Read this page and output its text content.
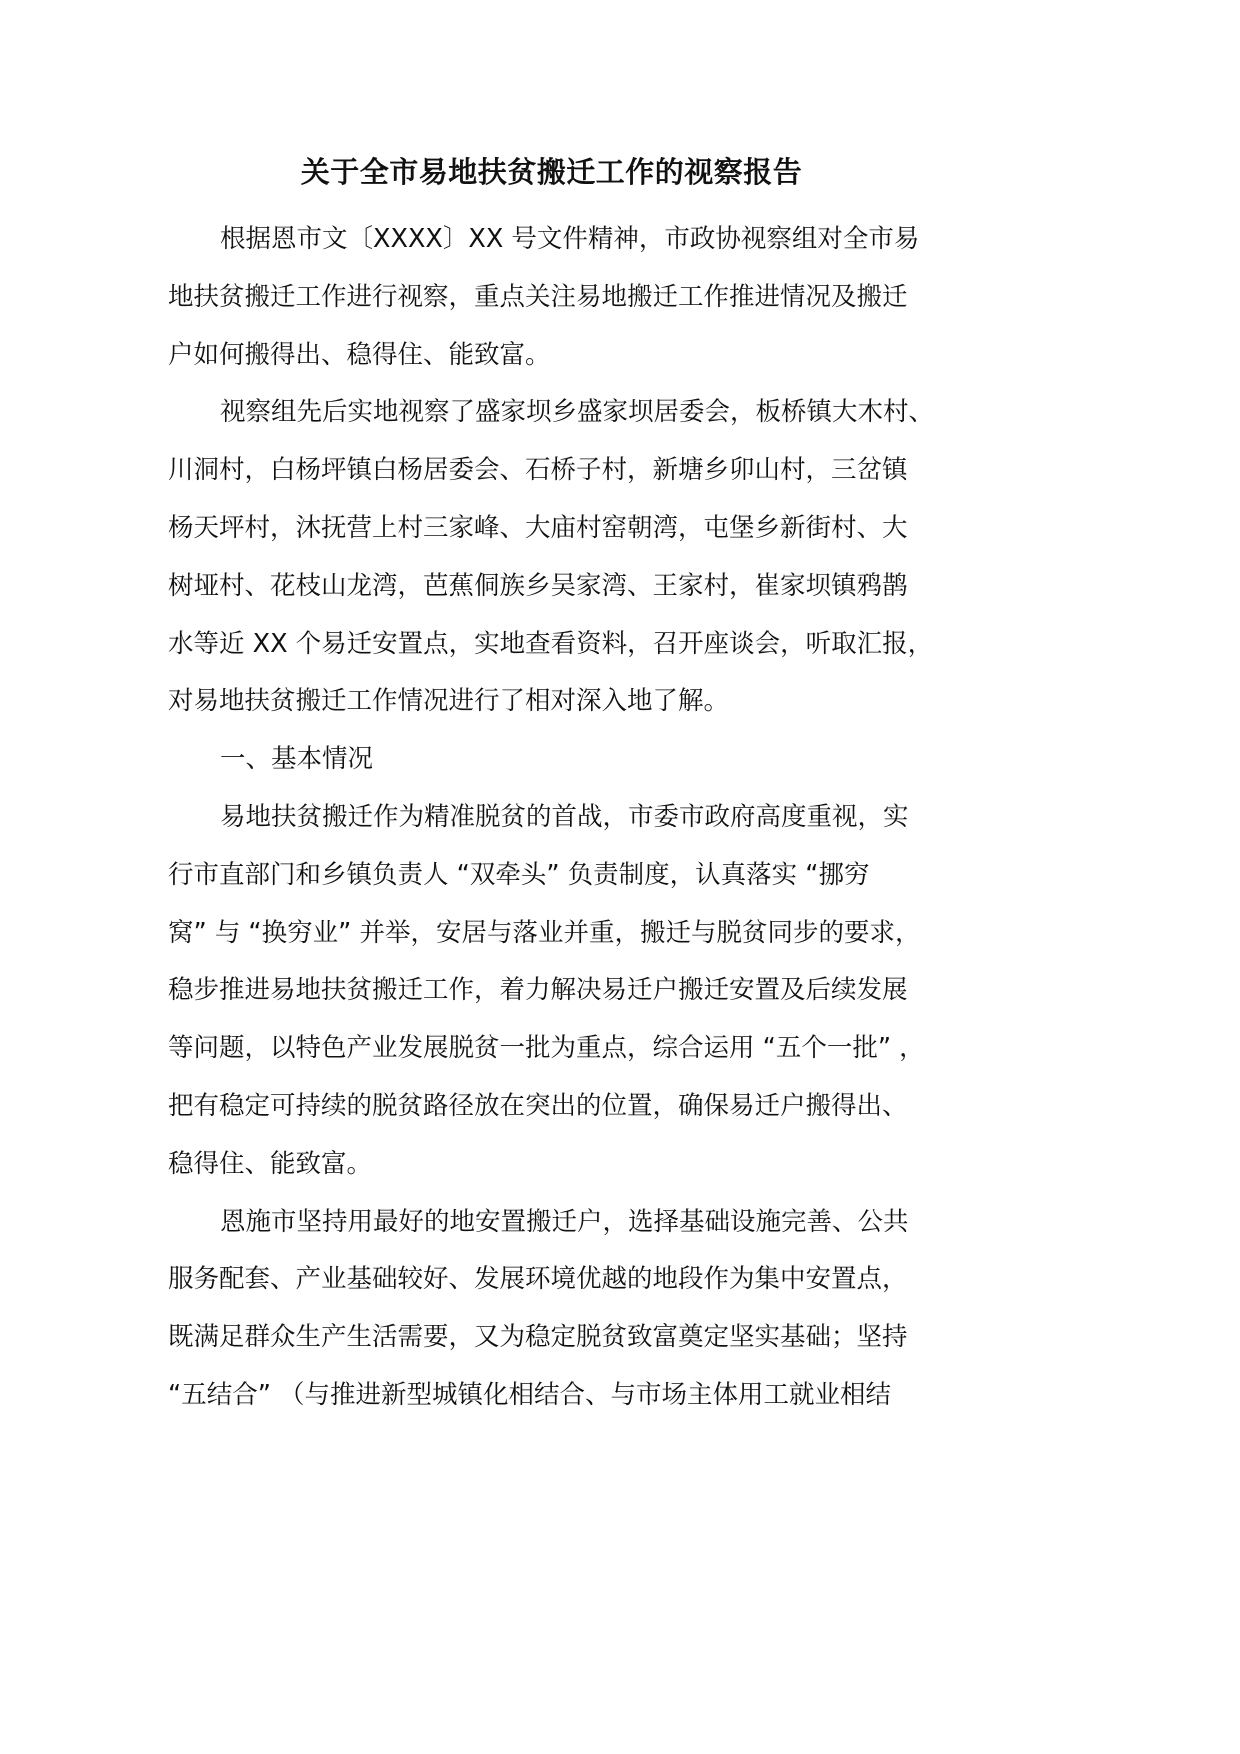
关于全市易地扶贫搬迁工作的视察报告
根据恩市文〔XXXX〕XX 号文件精神，市政协视察组对全市易
地扶贫搬迁工作进行视察，重点关注易地搬迁工作推进情况及搬迁
户如何搬得出、稳得住、能致富。
视察组先后实地视察了盛家坝乡盛家坝居委会，板桥镇大木村、
川洞村，白杨坪镇白杨居委会、石桥子村，新塘乡卯山村，三岔镇
杨天坪村，沐抚营上村三家峰、大庙村窑朝湾，屯堡乡新街村、大
树垭村、花枝山龙湾，芭蕉侗族乡吴家湾、王家村，崔家坝镇鸦鹊
水等近 XX 个易迁安置点，实地查看资料，召开座谈会，听取汇报，
对易地扶贫搬迁工作情况进行了相对深入地了解。
一、基本情况
易地扶贫搬迁作为精准脱贫的首战，市委市政府高度重视，实
行市直部门和乡镇负责人 “双牵头” 负责制度，认真落实 “挪穷
窝” 与 “换穷业” 并举，安居与落业并重，搬迁与脱贫同步的要求，
稳步推进易地扶贫搬迁工作，着力解决易迁户搬迁安置及后续发展
等问题，以特色产业发展脱贫一批为重点，综合运用 “五个一批” ，
把有稳定可持续的脱贫路径放在突出的位置，确保易迁户搬得出、
稳得住、能致富。
恩施市坚持用最好的地安置搬迁户，选择基础设施完善、公共
服务配套、产业基础较好、发展环境优越的地段作为集中安置点，
既满足群众生产生活需要，又为稳定脱贫致富奠定坚实基础；坚持
“五结合” （与推进新型城镇化相结合、与市场主体用工就业相结
